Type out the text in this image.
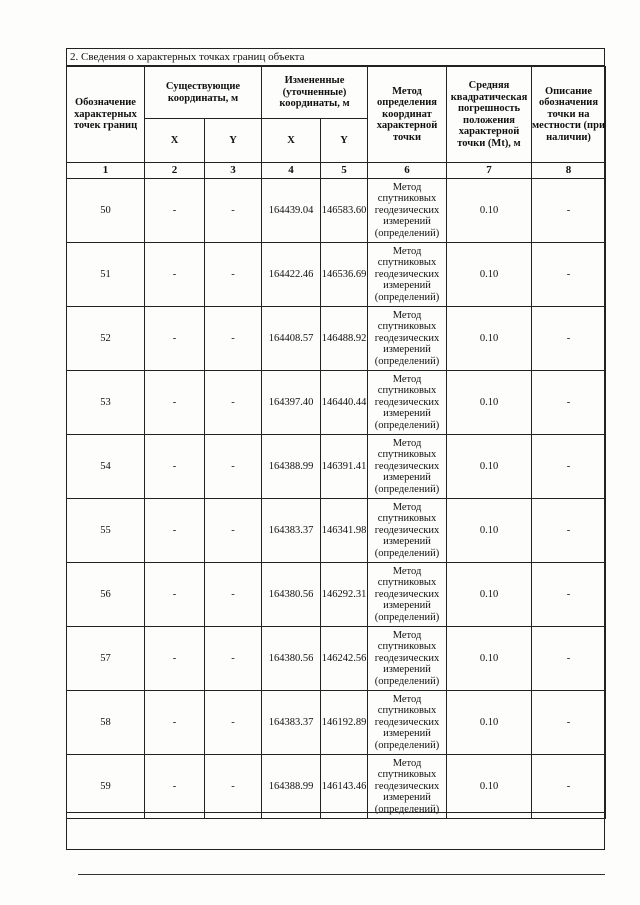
2. Сведения о характерных точках границ объекта
Обозначение характерных точек границ	Существующие координаты, м		Измененные (уточненные) координаты, м		Метод определения координат характерной точки	Средняя квадратическая погрешность положения характерной точки (Mt), м	Описание обозначения точки на местности (при наличии)
	X	Y	X	Y			
1	2	3	4	5	6	7	8
50	-	-	164439.04	146583.60	Метод спутниковых геодезических измерений (определений)	0.10	-
51	-	-	164422.46	146536.69	Метод спутниковых геодезических измерений (определений)	0.10	-
52	-	-	164408.57	146488.92	Метод спутниковых геодезических измерений (определений)	0.10	-
53	-	-	164397.40	146440.44	Метод спутниковых геодезических измерений (определений)	0.10	-
54	-	-	164388.99	146391.41	Метод спутниковых геодезических измерений (определений)	0.10	-
55	-	-	164383.37	146341.98	Метод спутниковых геодезических измерений (определений)	0.10	-
56	-	-	164380.56	146292.31	Метод спутниковых геодезических измерений (определений)	0.10	-
57	-	-	164380.56	146242.56	Метод спутниковых геодезических измерений (определений)	0.10	-
58	-	-	164383.37	146192.89	Метод спутниковых геодезических измерений (определений)	0.10	-
59	-	-	164388.99	146143.46	Метод спутниковых геодезических измерений (определений)	0.10	-
